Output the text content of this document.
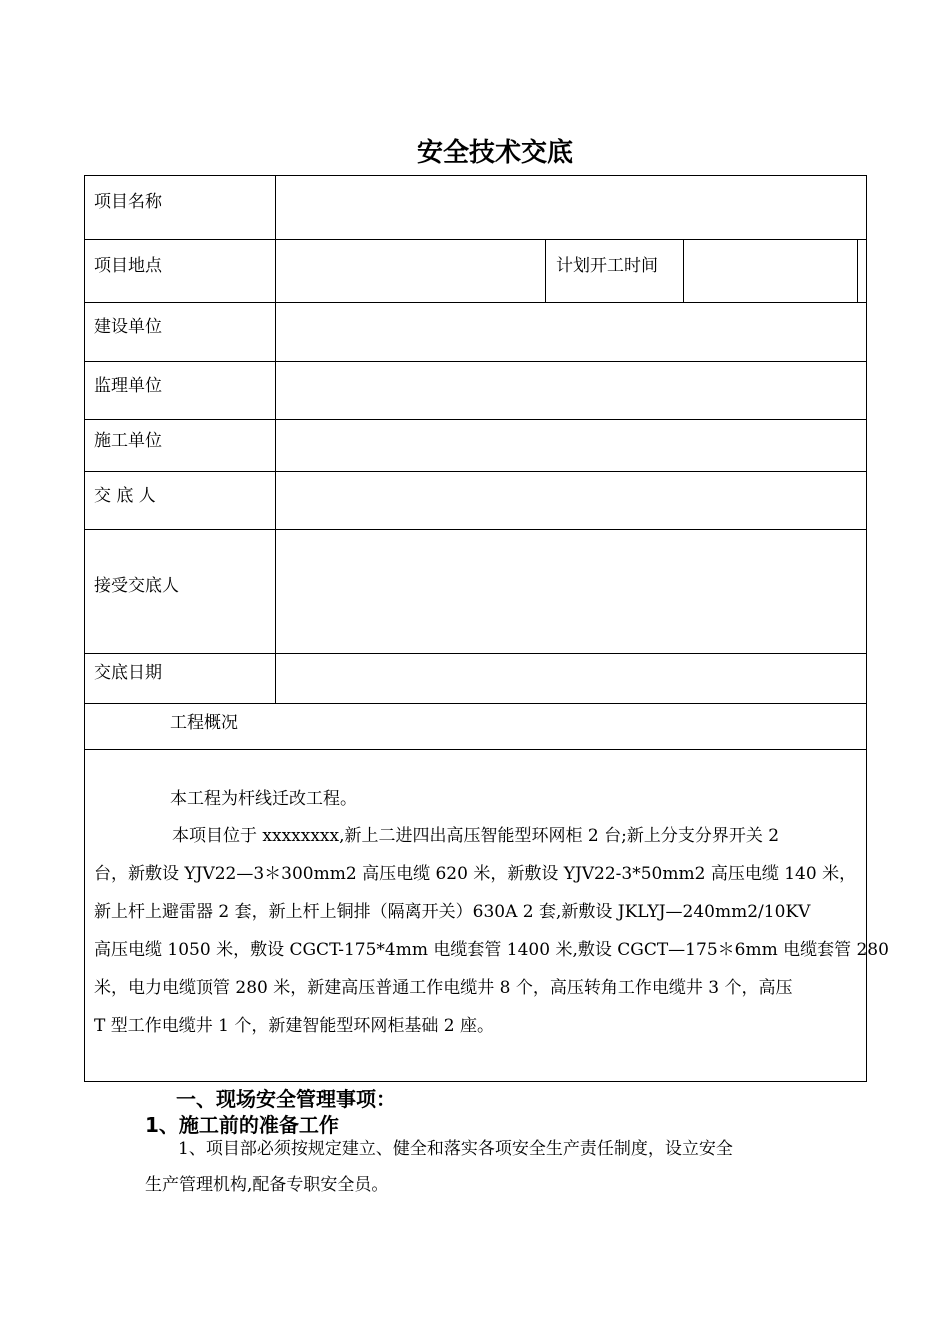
安全技术交底
项目名称
项目地点	计划开工时间
建设单位
监理单位
施工单位
交 底 人
接受交底人
交底日期
工程概况
本工程为杆线迁改工程。
本项目位于 xxxxxxxx,新上二进四出高压智能型环网柜 2 台;新上分支分界开关 2
台，新敷设 YJV22—3＊300mm2 高压电缆 620 米，新敷设 YJV22-3*50mm2 高压电缆 140 米，
新上杆上避雷器 2 套，新上杆上铜排（隔离开关）630A 2 套,新敷设 JKLYJ—240mm2/10KV
高压电缆 1050 米，敷设 CGCT-175*4mm 电缆套管 1400 米,敷设 CGCT—175＊6mm 电缆套管 280
米，电力电缆顶管 280 米，新建高压普通工作电缆井 8 个，高压转角工作电缆井 3 个，高压
T 型工作电缆井 1 个，新建智能型环网柜基础 2 座。
一、现场安全管理事项：
1、施工前的准备工作
1、项目部必须按规定建立、健全和落实各项安全生产责任制度，设立安全
生产管理机构,配备专职安全员。
